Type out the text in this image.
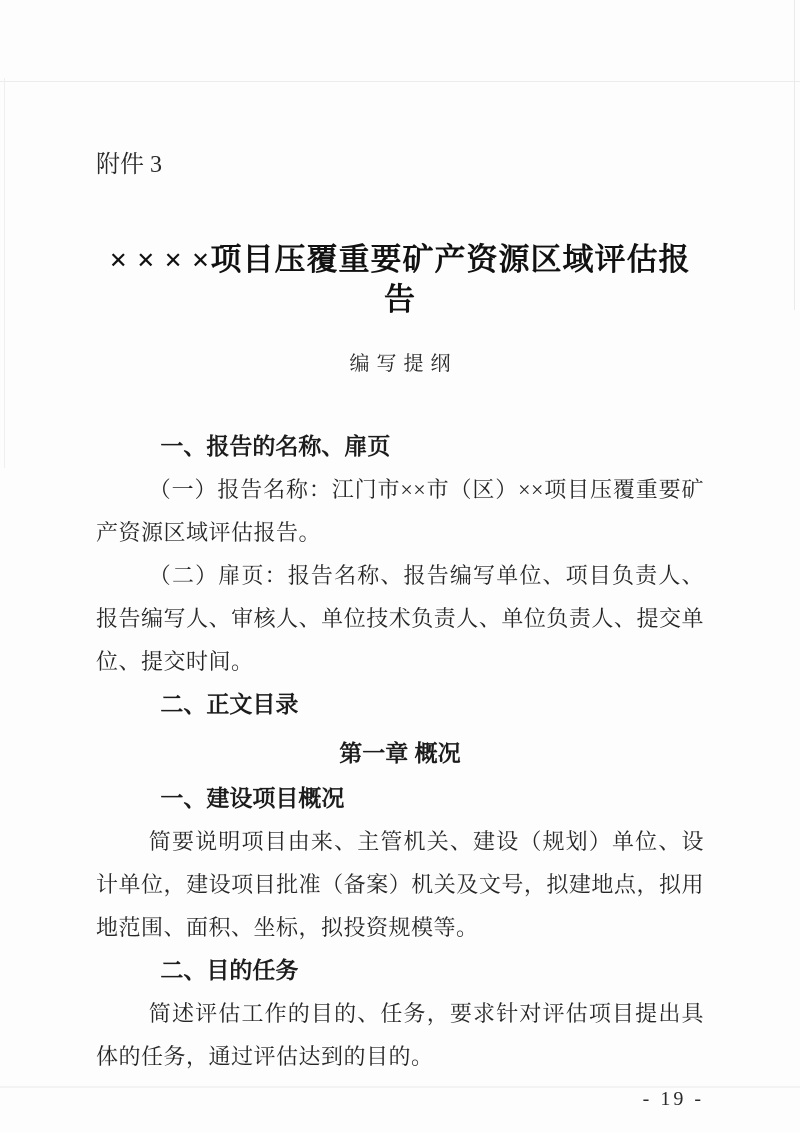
附件 3
× × × ×项目压覆重要矿产资源区域评估报告
编写提纲
一、报告的名称、扉页

（一）报告名称：江门市××市（区）××项目压覆重要矿产资源区域评估报告。

（二）扉页：报告名称、报告编写单位、项目负责人、报告编写人、审核人、单位技术负责人、单位负责人、提交单位、提交时间。

二、正文目录
第一章 概况
一、建设项目概况

简要说明项目由来、主管机关、建设（规划）单位、设计单位，建设项目批准（备案）机关及文号，拟建地点，拟用地范围、面积、坐标，拟投资规模等。

二、目的任务

简述评估工作的目的、任务，要求针对评估项目提出具体的任务，通过评估达到的目的。

- 19 -
